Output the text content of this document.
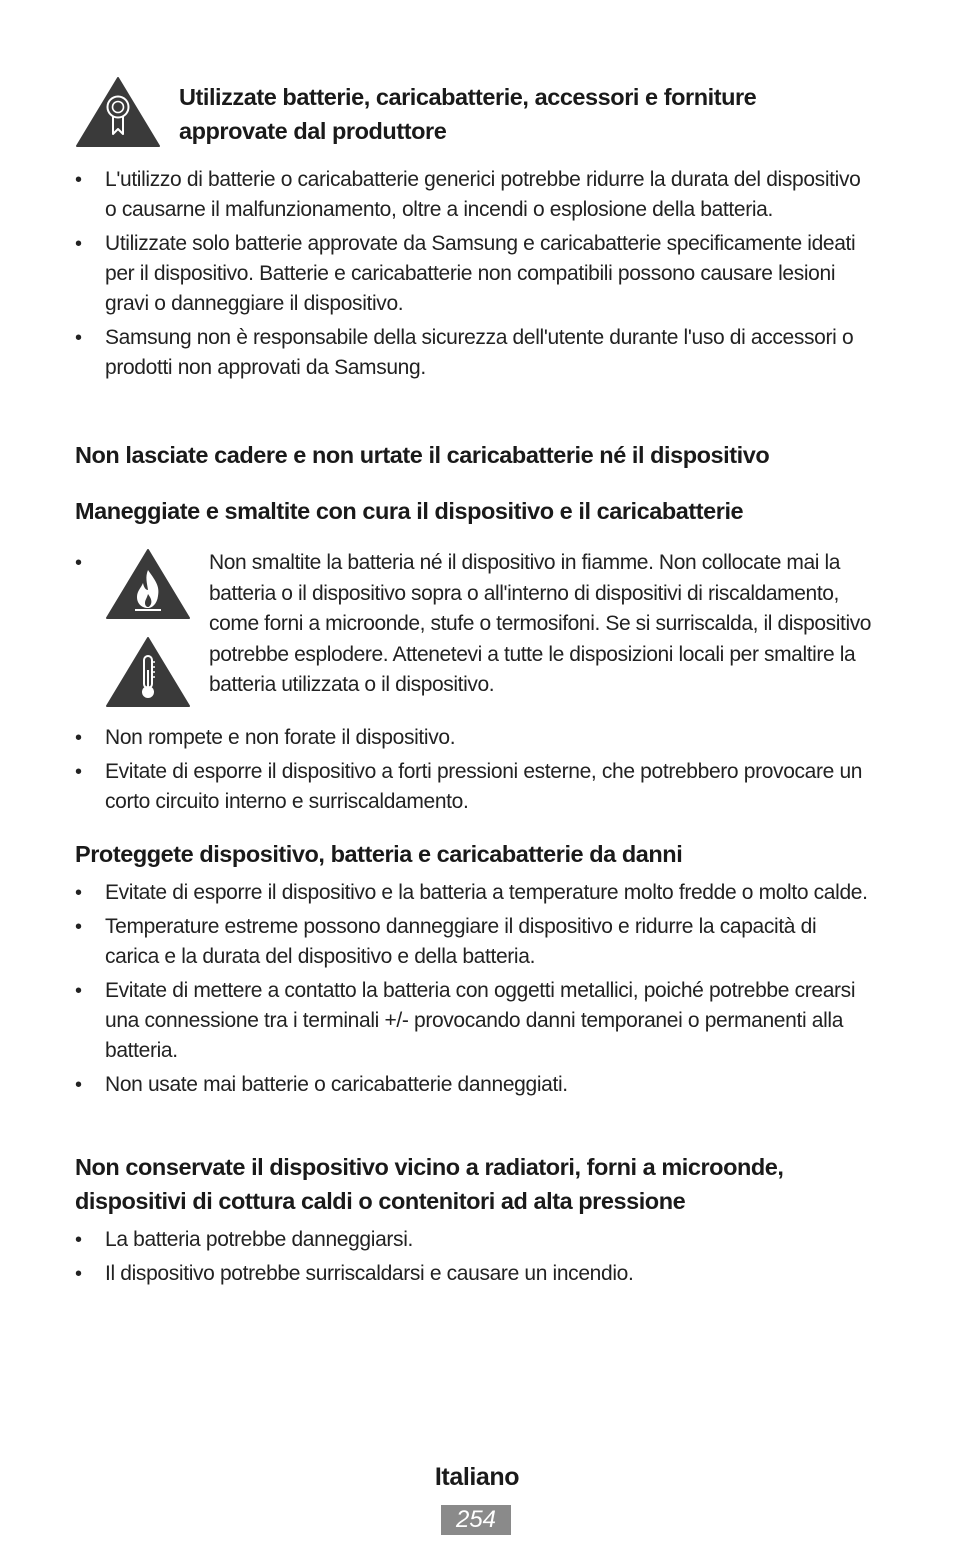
Utilizzate batterie, caricabatterie, accessori e forniture
approvate dal produttore
• L'utilizzo di batterie o caricabatterie generici potrebbe ridurre la durata del dispositivo o causarne il malfunzionamento, oltre a incendi o esplosione della batteria.
• Utilizzate solo batterie approvate da Samsung e caricabatterie specificamente ideati per il dispositivo. Batterie e caricabatterie non compatibili possono causare lesioni gravi o danneggiare il dispositivo.
• Samsung non è responsabile della sicurezza dell'utente durante l'uso di accessori o prodotti non approvati da Samsung.
Non lasciate cadere e non urtate il caricabatterie né il dispositivo
Maneggiate e smaltite con cura il dispositivo e il caricabatterie
•	Non smaltite la batteria né il dispositivo in fiamme. Non collocate mai la batteria o il dispositivo sopra o all'interno di dispositivi di riscaldamento, come forni a microonde, stufe o termosifoni. Se si surriscalda, il dispositivo potrebbe esplodere. Attenetevi a tutte le disposizioni locali per smaltire la batteria utilizzata o il dispositivo.

• Non rompete e non forate il dispositivo.
• Evitate di esporre il dispositivo a forti pressioni esterne, che potrebbero provocare un corto circuito interno e surriscaldamento.
Proteggete dispositivo, batteria e caricabatterie da danni
• Evitate di esporre il dispositivo e la batteria a temperature molto fredde o molto calde.
• Temperature estreme possono danneggiare il dispositivo e ridurre la capacità di carica e la durata del dispositivo e della batteria.
• Evitate di mettere a contatto la batteria con oggetti metallici, poiché potrebbe crearsi una connessione tra i terminali +/- provocando danni temporanei o permanenti alla batteria.
• Non usate mai batterie o caricabatterie danneggiati.
Non conservate il dispositivo vicino a radiatori, forni a microonde,
dispositivi di cottura caldi o contenitori ad alta pressione
• La batteria potrebbe danneggiarsi.
• Il dispositivo potrebbe surriscaldarsi e causare un incendio.
Italiano
254
